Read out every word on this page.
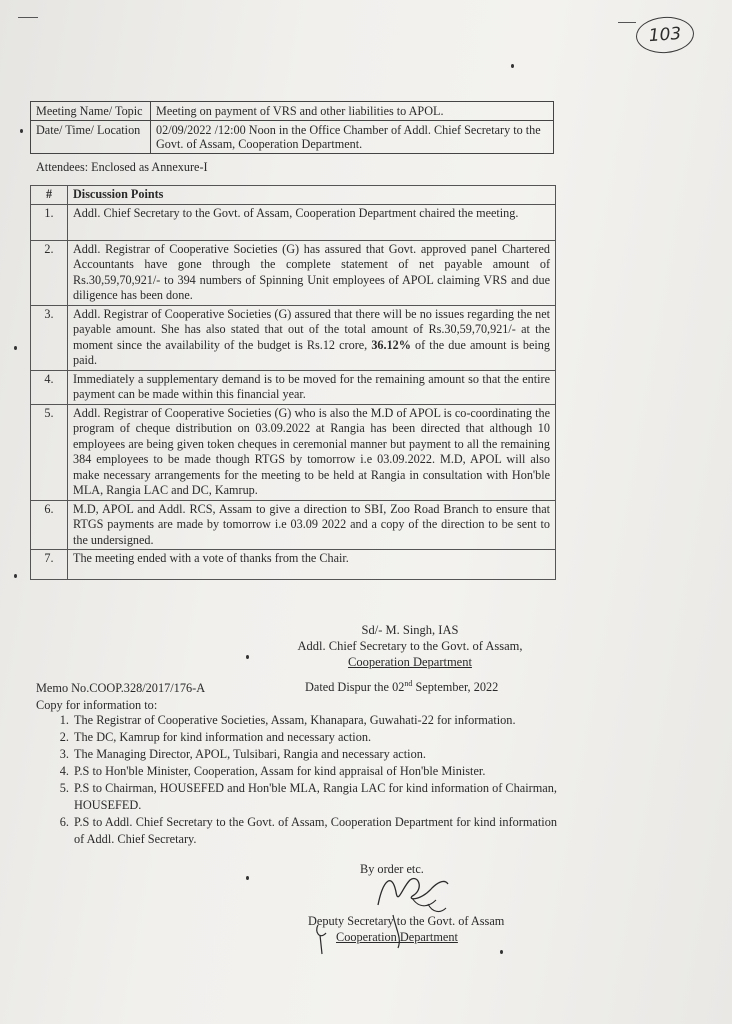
103
Meeting Name/ Topic	Meeting on payment of VRS and other liabilities to APOL.
Date/ Time/ Location	02/09/2022 /12:00 Noon in the Office Chamber of Addl. Chief Secretary to the Govt. of Assam, Cooperation Department.
Attendees: Enclosed as Annexure-I
#	Discussion Points
1.	Addl. Chief Secretary to the Govt. of Assam, Cooperation Department chaired the meeting.
2.	Addl. Registrar of Cooperative Societies (G) has assured that Govt. approved panel Chartered Accountants have gone through the complete statement of net payable amount of Rs.30,59,70,921/- to 394 numbers of Spinning Unit employees of APOL claiming VRS and due diligence has been done.
3.	Addl. Registrar of Cooperative Societies (G) assured that there will be no issues regarding the net payable amount. She has also stated that out of the total amount of Rs.30,59,70,921/- at the moment since the availability of the budget is Rs.12 crore, 36.12% of the due amount is being paid.
4.	Immediately a supplementary demand is to be moved for the remaining amount so that the entire payment can be made within this financial year.
5.	Addl. Registrar of Cooperative Societies (G) who is also the M.D of APOL is co-coordinating the program of cheque distribution on 03.09.2022 at Rangia has been directed that although 10 employees are being given token cheques in ceremonial manner but payment to all the remaining 384 employees to be made though RTGS by tomorrow i.e 03.09.2022. M.D, APOL will also make necessary arrangements for the meeting to be held at Rangia in consultation with Hon'ble MLA, Rangia LAC and DC, Kamrup.
6.	M.D, APOL and Addl. RCS, Assam to give a direction to SBI, Zoo Road Branch to ensure that RTGS payments are made by tomorrow i.e 03.09 2022 and a copy of the direction to be sent to the undersigned.
7.	The meeting ended with a vote of thanks from the Chair.
Sd/- M. Singh, IAS
Addl. Chief Secretary to the Govt. of Assam,
Cooperation Department
Memo No.COOP.328/2017/176-A	Dated Dispur the 02nd September, 2022
Copy for information to:
1. The Registrar of Cooperative Societies, Assam, Khanapara, Guwahati-22 for information.
2. The DC, Kamrup for kind information and necessary action.
3. The Managing Director, APOL, Tulsibari, Rangia and necessary action.
4. P.S to Hon'ble Minister, Cooperation, Assam for kind appraisal of Hon'ble Minister.
5. P.S to Chairman, HOUSEFED and Hon'ble MLA, Rangia LAC for kind information of Chairman, HOUSEFED.
6. P.S to Addl. Chief Secretary to the Govt. of Assam, Cooperation Department for kind information of Addl. Chief Secretary.
By order etc.
Deputy Secretary to the Govt. of Assam
Cooperation Department
